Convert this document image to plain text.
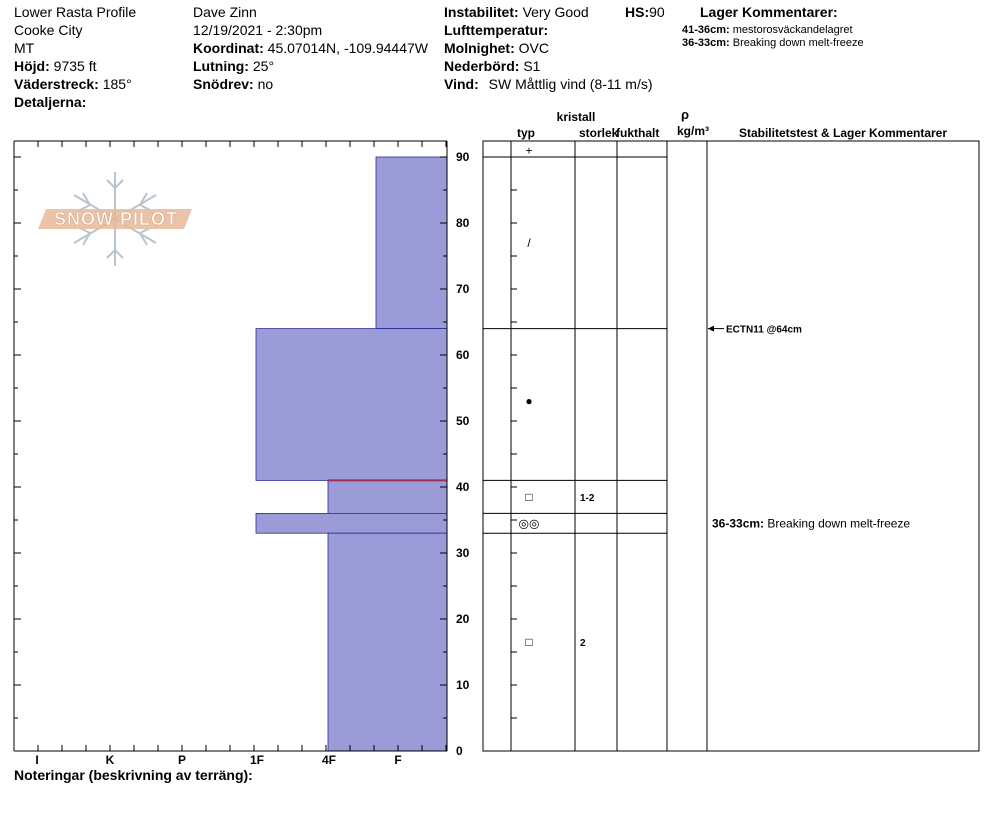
Lower Rasta Profile
Cooke City
MT
Höjd: 9735 ft
Väderstreck: 185°
Detaljerna:
Dave Zinn
12/19/2021 - 2:30pm
Koordinat: 45.07014N, -109.94447W
Lutning: 25°
Snödrev: no
Instabilitet: Very Good	HS:90
Lufttemperatur:
Molnighet: OVC
Nederbörd: S1
Vind: SW Måttlig vind (8-11 m/s)
Lager Kommentarer:
41-36cm: mestorosväckandelagret
36-33cm: Breaking down melt-freeze
SNOW PILOT
0
10
20
30
40
50
60
70
80
90
I	K	P	1F	4F	F
+
/
●
□	1-2
◎◎
□	2
ECTN11 @64cm
36-33cm: Breaking down melt-freeze
kristall
typ	storlek
fukthalt
ρ
kg/m³ Stabilitetstest & Lager Kommentarer
Noteringar (beskrivning av terräng):
